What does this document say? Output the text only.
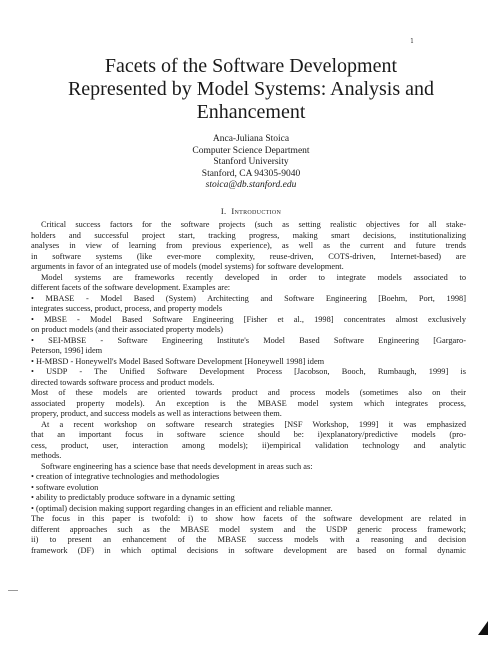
1

Facets of the Software Development

Represented by Model Systems: Analysis and

Enhancement

Anca-Juliana Stoica
Computer Science Department
Stanford University
Stanford, CA 94305-9040
stoica@db.stanford.edu
I. Introduction
Critical success factors for the software projects (such as setting realistic objectives for all stake-
holders and successful project start, tracking progress, making smart decisions, institutionalizing
analyses in view of learning from previous experience), as well as the current and future trends
in software systems (like ever-more complexity, reuse-driven, COTS-driven, Internet-based) are
arguments in favor of an integrated use of models (model systems) for software development.
Model systems are frameworks recently developed in order to integrate models associated to
different facets of the software development. Examples are:
• MBASE - Model Based (System) Architecting and Software Engineering [Boehm, Port, 1998]
integrates success, product, process, and property models
• MBSE - Model Based Software Engineering [Fisher et al., 1998] concentrates almost exclusively
on product models (and their associated property models)
• SEI-MBSE - Software Engineering Institute's Model Based Software Engineering [Gargaro-
Peterson, 1996] idem
• H-MBSD - Honeywell's Model Based Software Development [Honeywell 1998] idem
• USDP - The Unified Software Development Process [Jacobson, Booch, Rumbaugh, 1999] is
directed towards software process and product models.
Most of these models are oriented towards product and process models (sometimes also on their
associated property models). An exception is the MBASE model system which integrates process,
propery, product, and success models as well as interactions between them.
At a recent workshop on software research strategies [NSF Workshop, 1999] it was emphasized
that an important focus in software science should be: i)explanatory/predictive models (pro-
cess, product, user, interaction among models); ii)empirical validation technology and analytic
methods.
Software engineering has a science base that needs development in areas such as:
• creation of integrative technologies and methodologies
• software evolution
• ability to predictably produce software in a dynamic setting
• (optimal) decision making support regarding changes in an efficient and reliable manner.
The focus in this paper is twofold: i) to show how facets of the software development are related in
different approaches such as the MBASE model system and the USDP generic process framework;
ii) to present an enhancement of the MBASE success models with a reasoning and decision
framework (DF) in which optimal decisions in software development are based on formal dynamic
